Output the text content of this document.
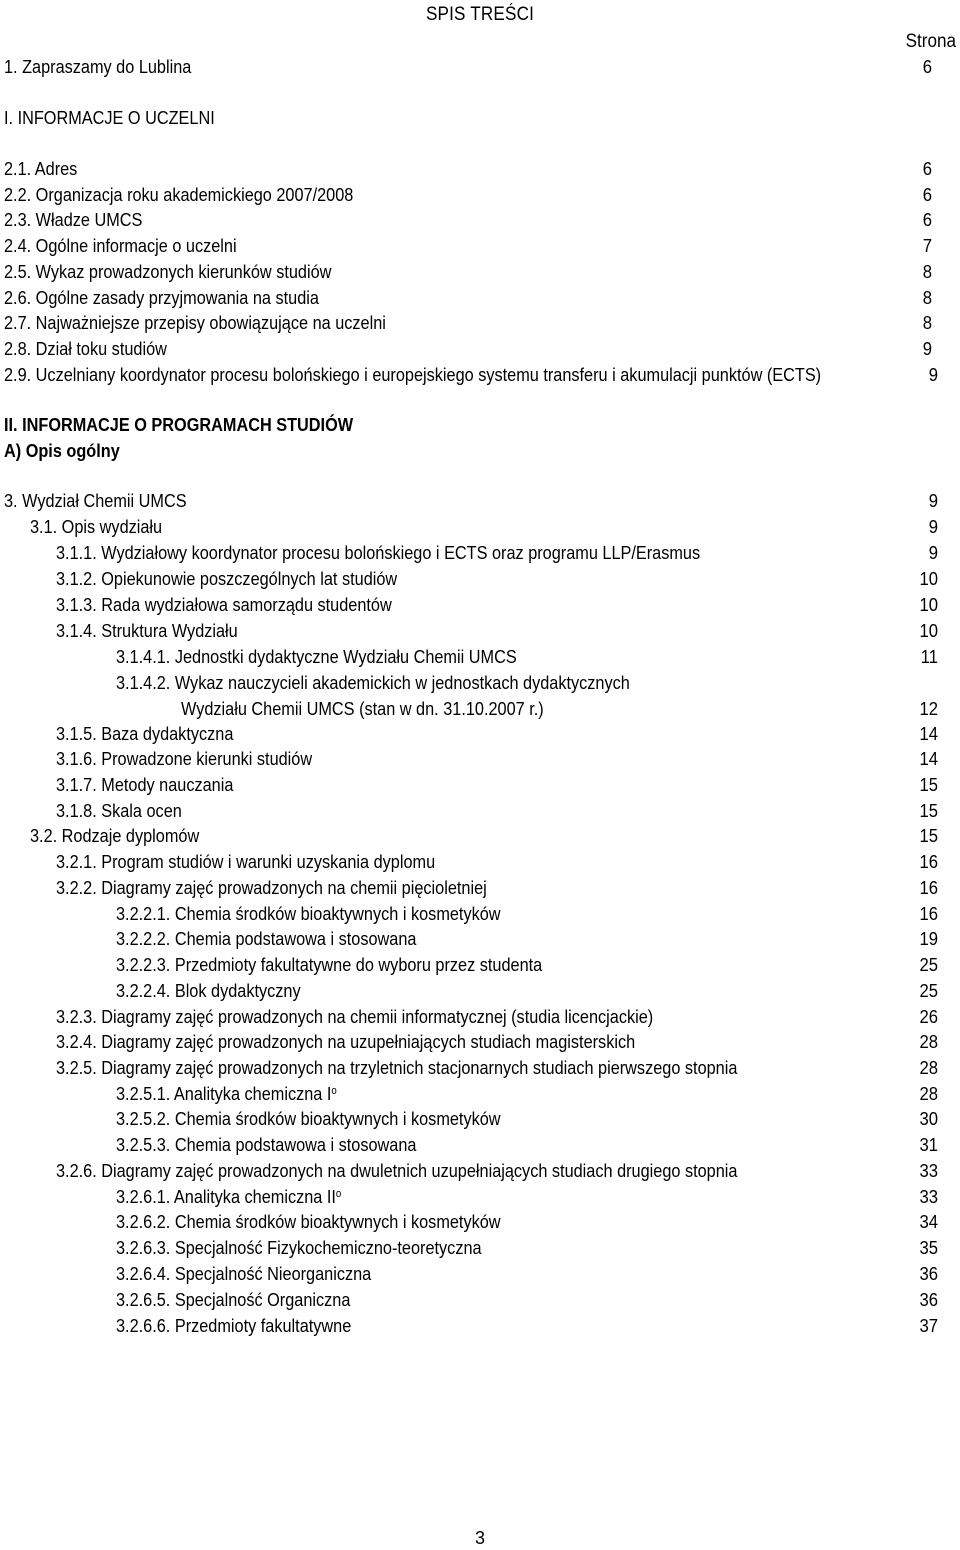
SPIS TREŚCI
Strona
1. Zapraszamy do Lublina	6
I. INFORMACJE O UCZELNI
2.1. Adres	6
2.2. Organizacja roku akademickiego 2007/2008	6
2.3. Władze UMCS	6
2.4. Ogólne informacje o uczelni	7
2.5. Wykaz prowadzonych kierunków studiów	8
2.6. Ogólne zasady przyjmowania na studia	8
2.7. Najważniejsze przepisy obowiązujące na uczelni	8
2.8. Dział toku studiów	9
2.9. Uczelniany koordynator procesu bolońskiego i europejskiego systemu transferu i akumulacji punktów (ECTS)	9
II. INFORMACJE O PROGRAMACH STUDIÓW
A) Opis ogólny
3. Wydział Chemii UMCS	9
3.1. Opis wydziału	9
3.1.1. Wydziałowy koordynator procesu bolońskiego i ECTS oraz programu LLP/Erasmus	9
3.1.2. Opiekunowie poszczególnych lat studiów	10
3.1.3. Rada wydziałowa samorządu studentów	10
3.1.4. Struktura Wydziału	10
3.1.4.1. Jednostki dydaktyczne Wydziału Chemii UMCS	11
3.1.4.2. Wykaz nauczycieli akademickich w jednostkach dydaktycznych
Wydziału Chemii UMCS (stan w dn. 31.10.2007 r.)	12
3.1.5. Baza dydaktyczna	14
3.1.6. Prowadzone kierunki studiów	14
3.1.7. Metody nauczania	15
3.1.8. Skala ocen	15
3.2. Rodzaje dyplomów	15
3.2.1. Program studiów i warunki uzyskania dyplomu	16
3.2.2. Diagramy zajęć prowadzonych na chemii pięcioletniej	16
3.2.2.1. Chemia środków bioaktywnych i kosmetyków	16
3.2.2.2. Chemia podstawowa i stosowana	19
3.2.2.3. Przedmioty fakultatywne do wyboru przez studenta	25
3.2.2.4. Blok dydaktyczny	25
3.2.3. Diagramy zajęć prowadzonych na chemii informatycznej (studia licencjackie)	26
3.2.4. Diagramy zajęć prowadzonych na uzupełniających studiach magisterskich	28
3.2.5. Diagramy zajęć prowadzonych na trzyletnich stacjonarnych studiach pierwszego stopnia	28
3.2.5.1. Analityka chemiczna $I^o$	28
3.2.5.2. Chemia środków bioaktywnych i kosmetyków	30
3.2.5.3. Chemia podstawowa i stosowana	31
3.2.6. Diagramy zajęć prowadzonych na dwuletnich uzupełniających studiach drugiego stopnia	33
3.2.6.1. Analityka chemiczna $II^o$	33
3.2.6.2. Chemia środków bioaktywnych i kosmetyków	34
3.2.6.3. Specjalność Fizykochemiczno-teoretyczna	35
3.2.6.4. Specjalność Nieorganiczna	36
3.2.6.5. Specjalność Organiczna	36
3.2.6.6. Przedmioty fakultatywne	37
3
